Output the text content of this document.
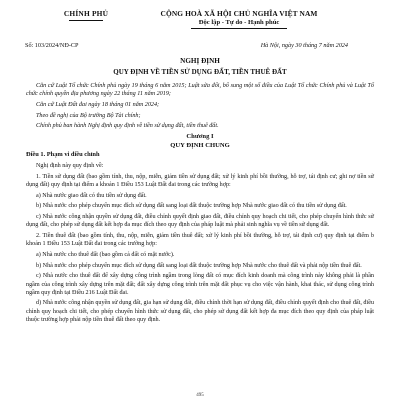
CHÍNH PHỦ	CỘNG HOÀ XÃ HỘI CHỦ NGHĨA VIỆT NAM
Độc lập - Tự do - Hạnh phúc
Số: 103/2024/NĐ-CP	Hà Nội, ngày 30 tháng 7 năm 2024
NGHỊ ĐỊNH
QUY ĐỊNH VỀ TIỀN SỬ DỤNG ĐẤT, TIỀN THUÊ ĐẤT

Căn cứ Luật Tổ chức Chính phủ ngày 19 tháng 6 năm 2015; Luật sửa đổi, bổ sung một số điều của Luật Tổ chức Chính phủ và Luật Tổ chức chính quyền địa phương ngày 22 tháng 11 năm 2019;

Căn cứ Luật Đất đai ngày 18 tháng 01 năm 2024;

Theo đề nghị của Bộ trưởng Bộ Tài chính;

Chính phủ ban hành Nghị định quy định về tiền sử dụng đất, tiền thuê đất.

Chương I

QUY ĐỊNH CHUNG

Điều 1. Phạm vi điều chỉnh

Nghị định này quy định về:

1. Tiền sử dụng đất (bao gồm tính, thu, nộp, miễn, giảm tiền sử dụng đất; xử lý kinh phí bồi thường, hỗ trợ, tái định cư; ghi nợ tiền sử dụng đất) quy định tại điểm a khoản 1 Điều 153 Luật Đất đai trong các trường hợp:

a) Nhà nước giao đất có thu tiền sử dụng đất.

b) Nhà nước cho phép chuyển mục đích sử dụng đất sang loại đất thuộc trường hợp Nhà nước giao đất có thu tiền sử dụng đất.

c) Nhà nước công nhận quyền sử dụng đất, điều chỉnh quyết định giao đất, điều chỉnh quy hoạch chi tiết, cho phép chuyển hình thức sử dụng đất, cho phép sử dụng đất kết hợp đa mục đích theo quy định của pháp luật mà phải sinh nghĩa vụ về tiền sử dụng đất.

2. Tiền thuê đất (bao gồm tính, thu, nộp, miễn, giảm tiền thuê đất; xử lý kinh phí bồi thường, hỗ trợ, tái định cư) quy định tại điểm b khoản 1 Điều 153 Luật Đất đai trong các trường hợp:

a) Nhà nước cho thuê đất (bao gồm cả đất có mặt nước).

b) Nhà nước cho phép chuyển mục đích sử dụng đất sang loại đất thuộc trường hợp Nhà nước cho thuê đất và phải nộp tiền thuê đất.

c) Nhà nước cho thuê đất để xây dựng công trình ngầm trong lòng đất có mục đích kinh doanh mà công trình này không phải là phần ngầm của công trình xây dựng trên mặt đất; đất xây dựng công trình trên mặt đất phục vụ cho việc vận hành, khai thác, sử dụng công trình ngầm quy định tại Điều 216 Luật Đất đai.

d) Nhà nước công nhận quyền sử dụng đất, gia hạn sử dụng đất, điều chỉnh thời hạn sử dụng đất, điều chỉnh quyết định cho thuê đất, điều chỉnh quy hoạch chi tiết, cho phép chuyển hình thức sử dụng đất, cho phép sử dụng đất kết hợp đa mục đích theo quy định của pháp luật thuộc trường hợp phải nộp tiền thuê đất theo quy định.

495
